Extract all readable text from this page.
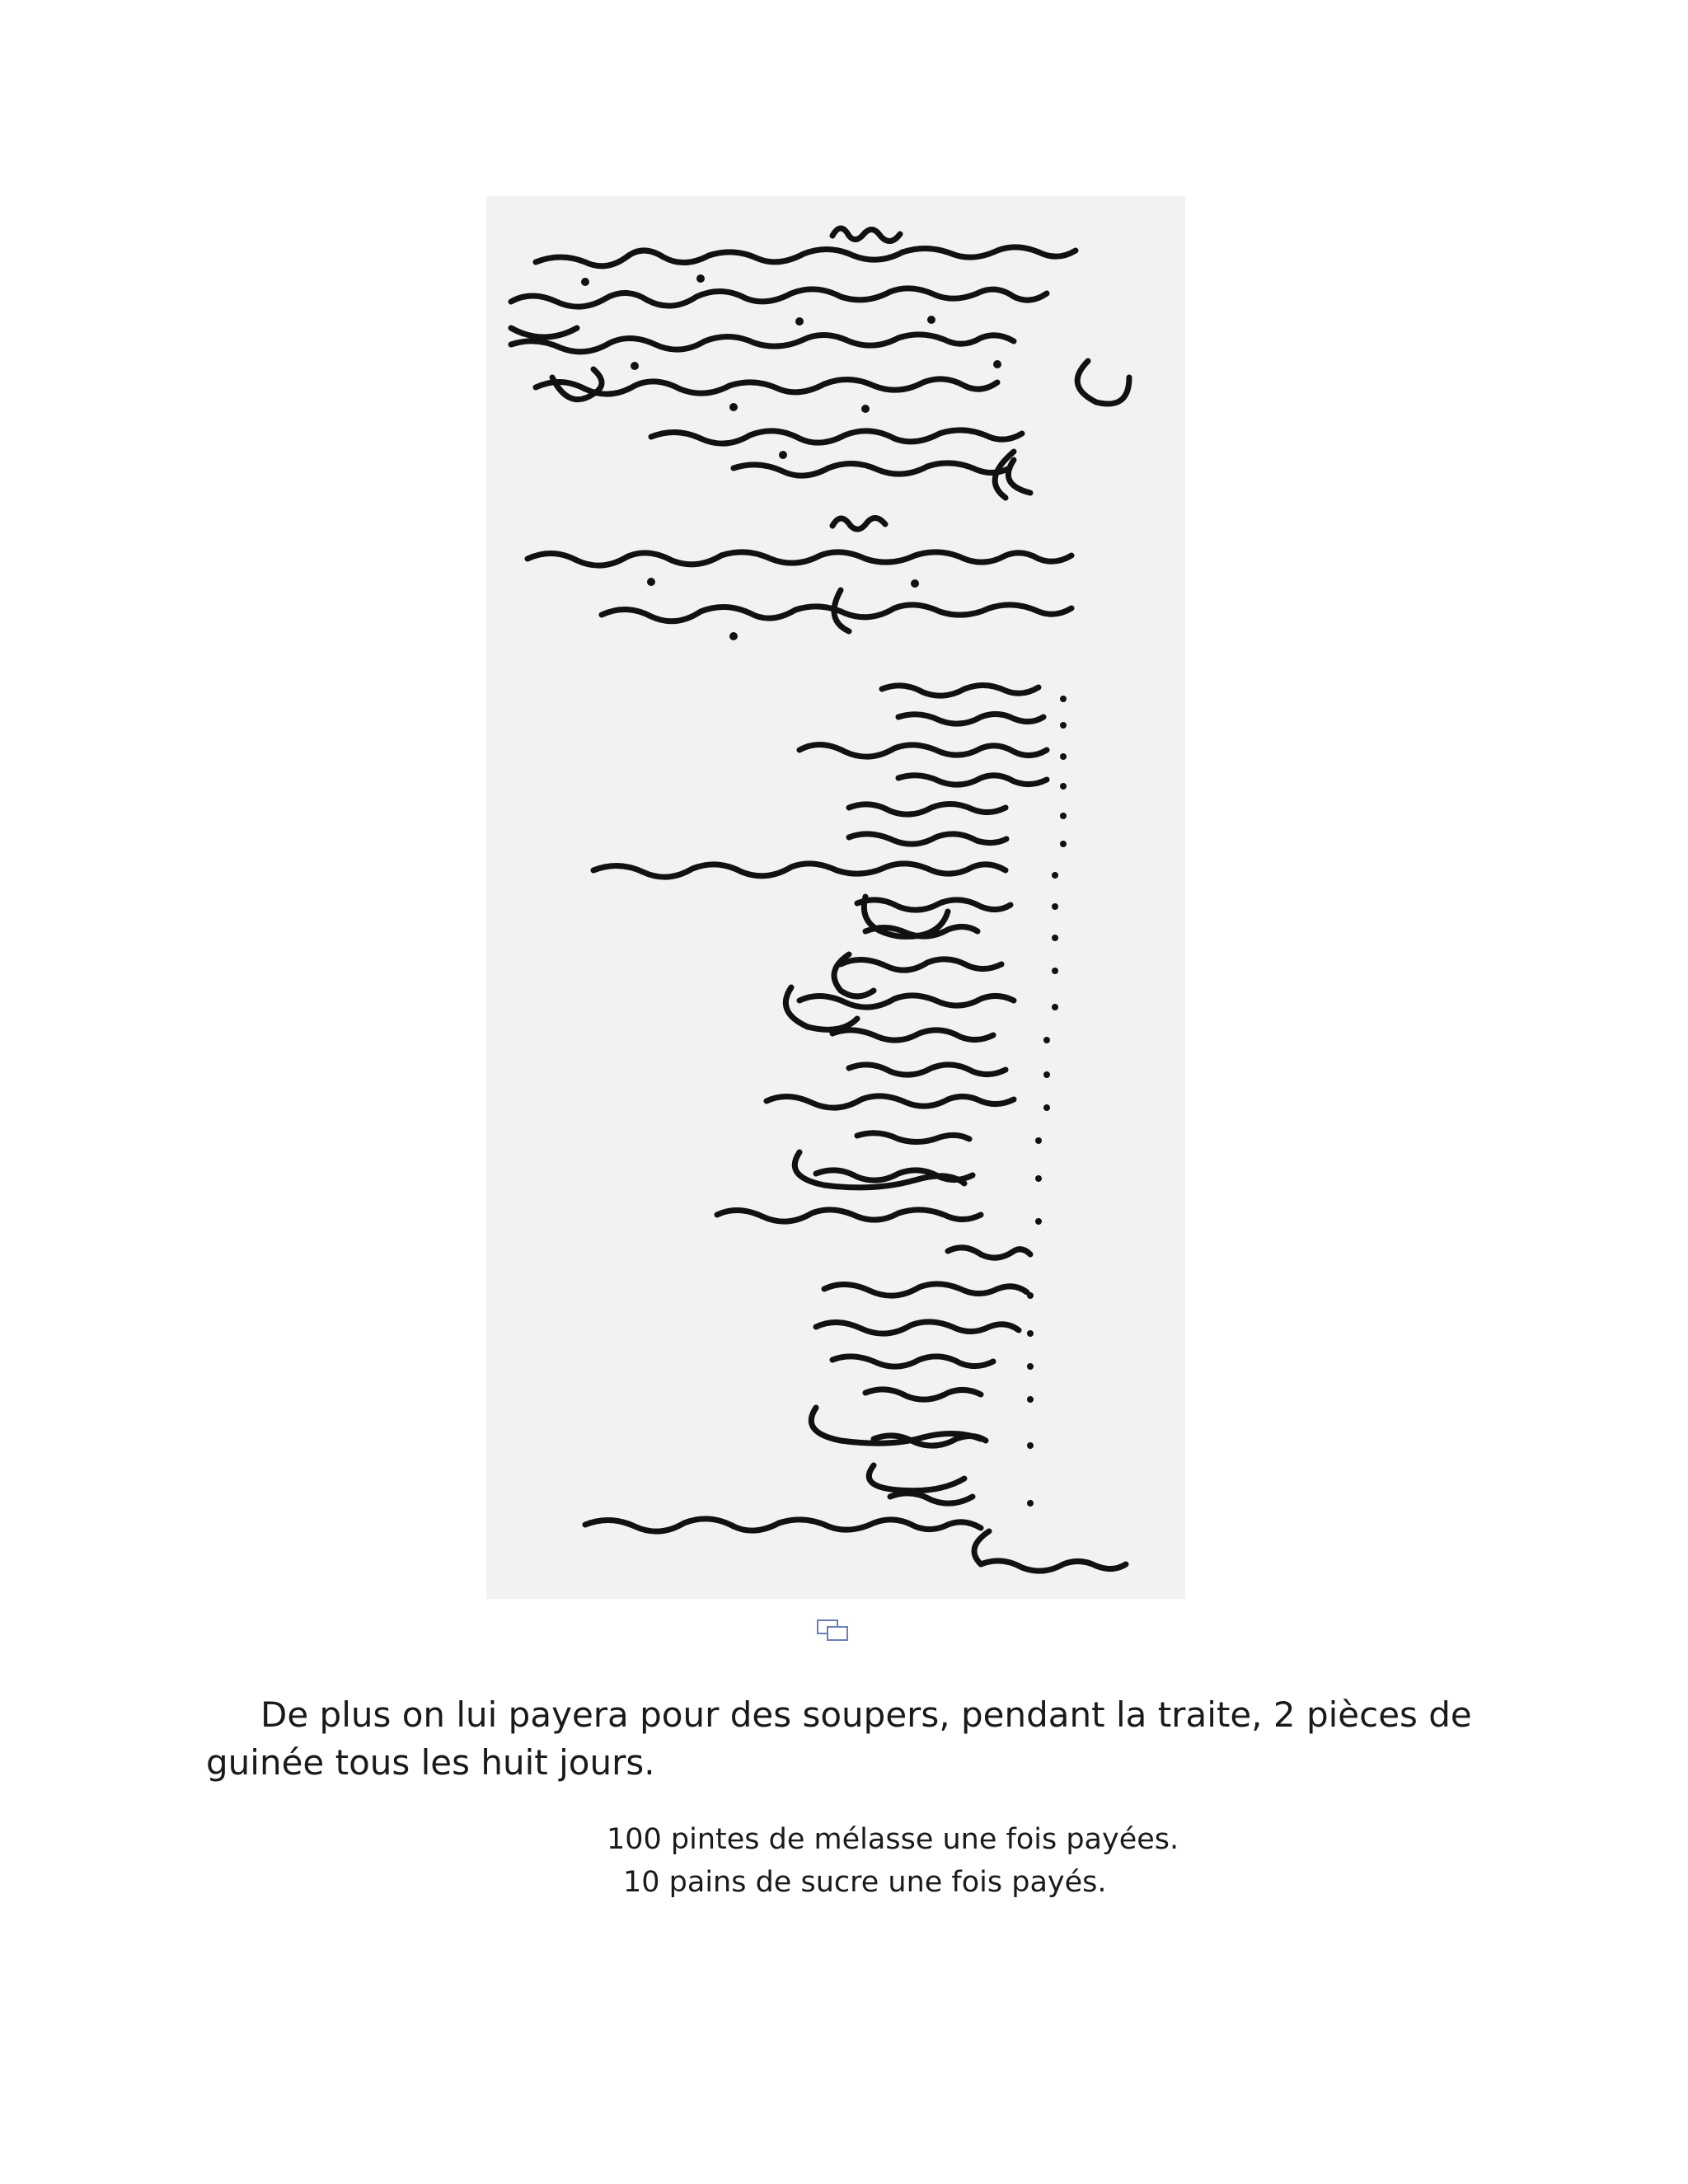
De plus on lui payera pour des soupers, pendant la traite, 2 pièces de guinée tous les huit jours.

100 pintes de mélasse une fois payées.

10 pains de sucre une fois payés.
